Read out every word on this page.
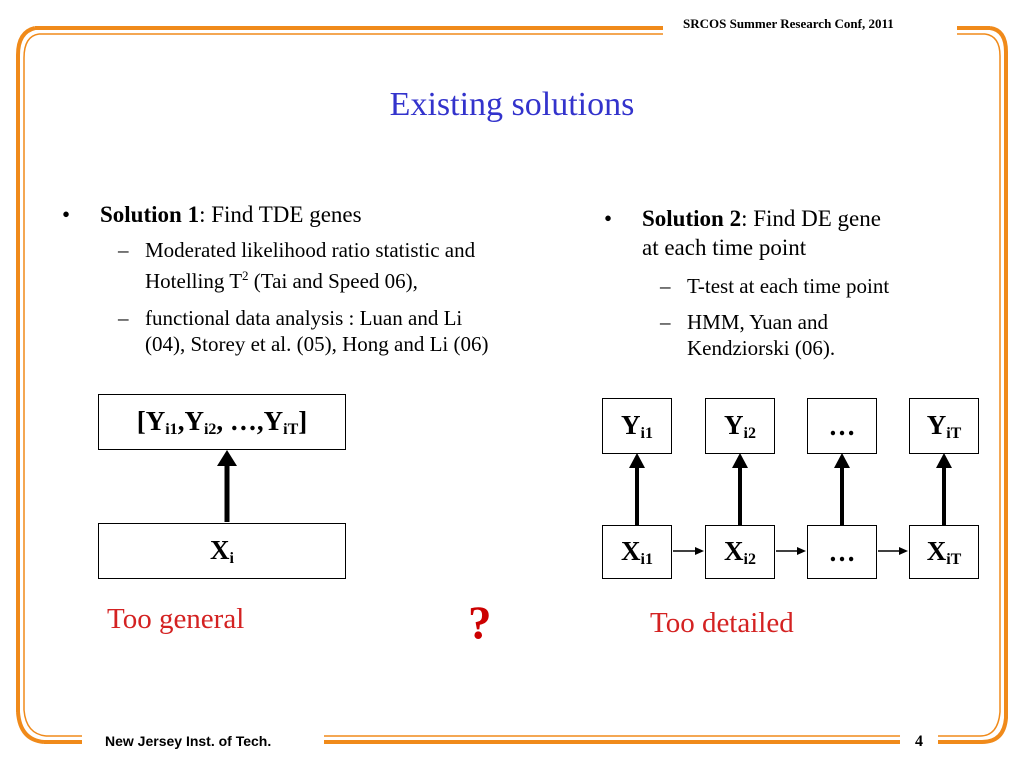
SRCOS Summer Research Conf, 2011
Existing solutions
• Solution 1: Find TDE genes
– Moderated likelihood ratio statistic and
Hotelling $T^2$ (Tai and Speed 06),
– functional data analysis : Luan and Li
(04), Storey et al. (05), Hong and Li (06)
• Solution 2: Find DE gene
at each time point
– T-test at each time point
– HMM, Yuan and
Kendziorski (06).
[$Y_{i1},Y_{i2}$, $\dots,Y_{iT}$]
$X_i$
$Y_{i1}$	$Y_{i2}$	…	$Y_{iT}$
$X_{i1}$	$X_{i2}$	…	$X_{iT}$
Too general	?	Too detailed
New Jersey Inst. of Tech.	4
